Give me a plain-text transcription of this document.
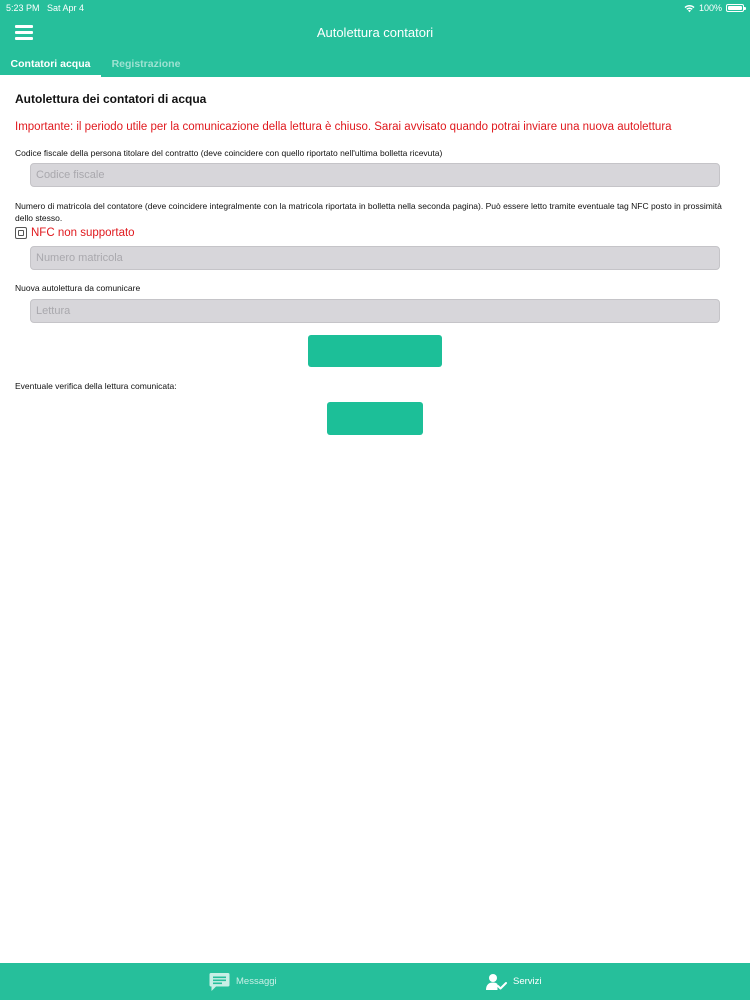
5:23 PM Sat Apr 4	100%
Autolettura contatori
Contatori acqua	Registrazione
Autolettura dei contatori di acqua
Importante: il periodo utile per la comunicazione della lettura è chiuso. Sarai avvisato quando potrai inviare una nuova autolettura
Codice fiscale della persona titolare del contratto (deve coincidere con quello riportato nell'ultima bolletta ricevuta)
Codice fiscale
Numero di matricola del contatore (deve coincidere integralmente con la matricola riportata in bolletta nella seconda pagina). Può essere letto tramite eventuale tag NFC posto in prossimità dello stesso.
NFC non supportato
Numero matricola
Nuova autolettura da comunicare
Lettura
Eventuale verifica della lettura comunicata:
Messaggi	Servizi
